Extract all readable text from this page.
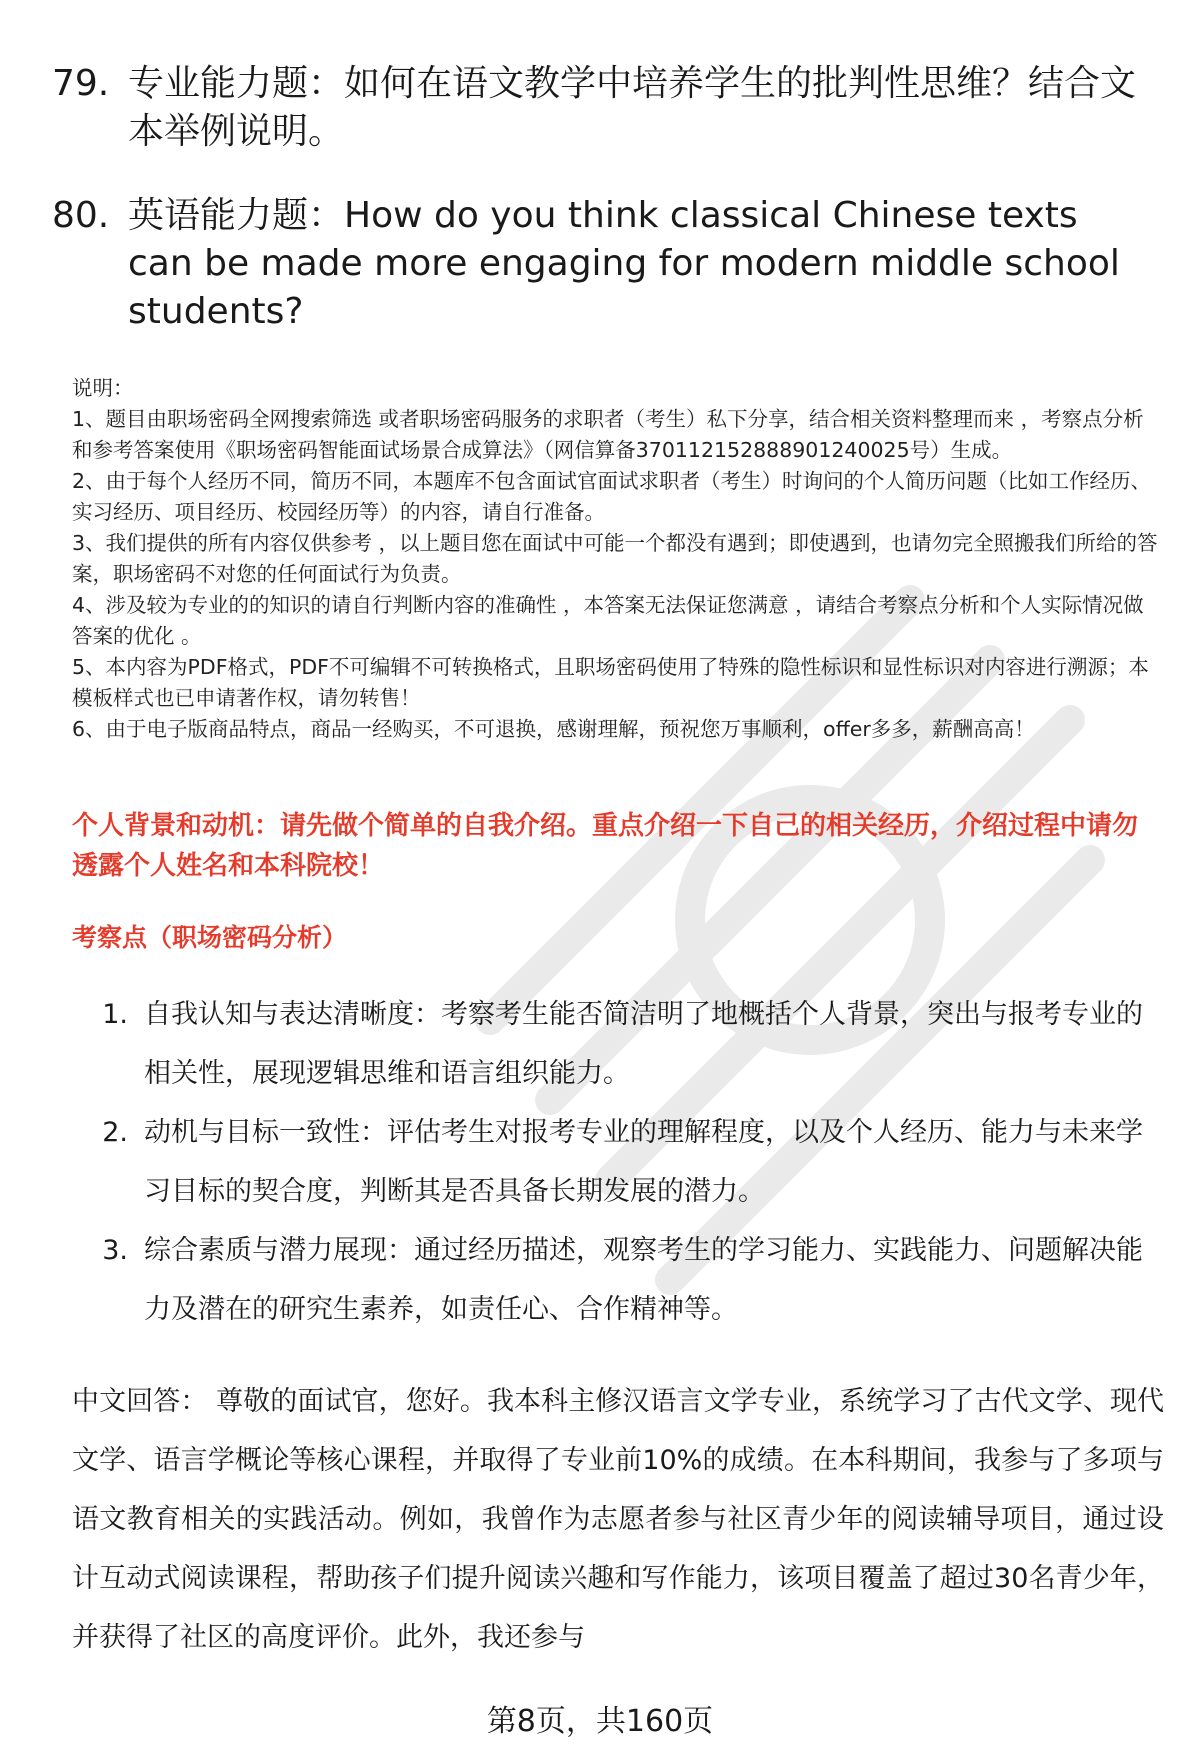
79. 专业能力题：如何在语文教学中培养学生的批判性思维？结合文本举例说明。
80. 英语能力题：How do you think classical Chinese texts can be made more engaging for modern middle school students?

说明：

1、题目由职场密码全网搜索筛选 或者职场密码服务的求职者（考生）私下分享，结合相关资料整理而来 ，考察点分析和参考答案使用《职场密码智能面试场景合成算法》（网信算备370112152888901240025号）生成。

2、由于每个人经历不同，简历不同，本题库不包含面试官面试求职者（考生）时询问的个人简历问题（比如工作经历、实习经历、项目经历、校园经历等）的内容，请自行准备。

3、我们提供的所有内容仅供参考 ，以上题目您在面试中可能一个都没有遇到；即使遇到，也请勿完全照搬我们所给的答案，职场密码不对您的任何面试行为负责。

4、涉及较为专业的的知识的请自行判断内容的准确性 ，本答案无法保证您满意 ，请结合考察点分析和个人实际情况做答案的优化 。

5、本内容为PDF格式，PDF不可编辑不可转换格式，且职场密码使用了特殊的隐性标识和显性标识对内容进行溯源；本模板样式也已申请著作权，请勿转售！

6、由于电子版商品特点，商品一经购买，不可退换，感谢理解，预祝您万事顺利，offer多多，薪酬高高！

个人背景和动机：请先做个简单的自我介绍。重点介绍一下自己的相关经历，介绍过程中请勿透露个人姓名和本科院校！
考察点（职场密码分析）
1. 自我认知与表达清晰度：考察考生能否简洁明了地概括个人背景，突出与报考专业的相关性，展现逻辑思维和语言组织能力。
2. 动机与目标一致性：评估考生对报考专业的理解程度，以及个人经历、能力与未来学习目标的契合度，判断其是否具备长期发展的潜力。
3. 综合素质与潜力展现：通过经历描述，观察考生的学习能力、实践能力、问题解决能力及潜在的研究生素养，如责任心、合作精神等。
中文回答： 尊敬的面试官，您好。我本科主修汉语言文学专业，系统学习了古代文学、现代文学、语言学概论等核心课程，并取得了专业前10%的成绩。在本科期间，我参与了多项与语文教育相关的实践活动。例如，我曾作为志愿者参与社区青少年的阅读辅导项目，通过设计互动式阅读课程，帮助孩子们提升阅读兴趣和写作能力，该项目覆盖了超过30名青少年，并获得了社区的高度评价。此外，我还参与
第8页，共160页
